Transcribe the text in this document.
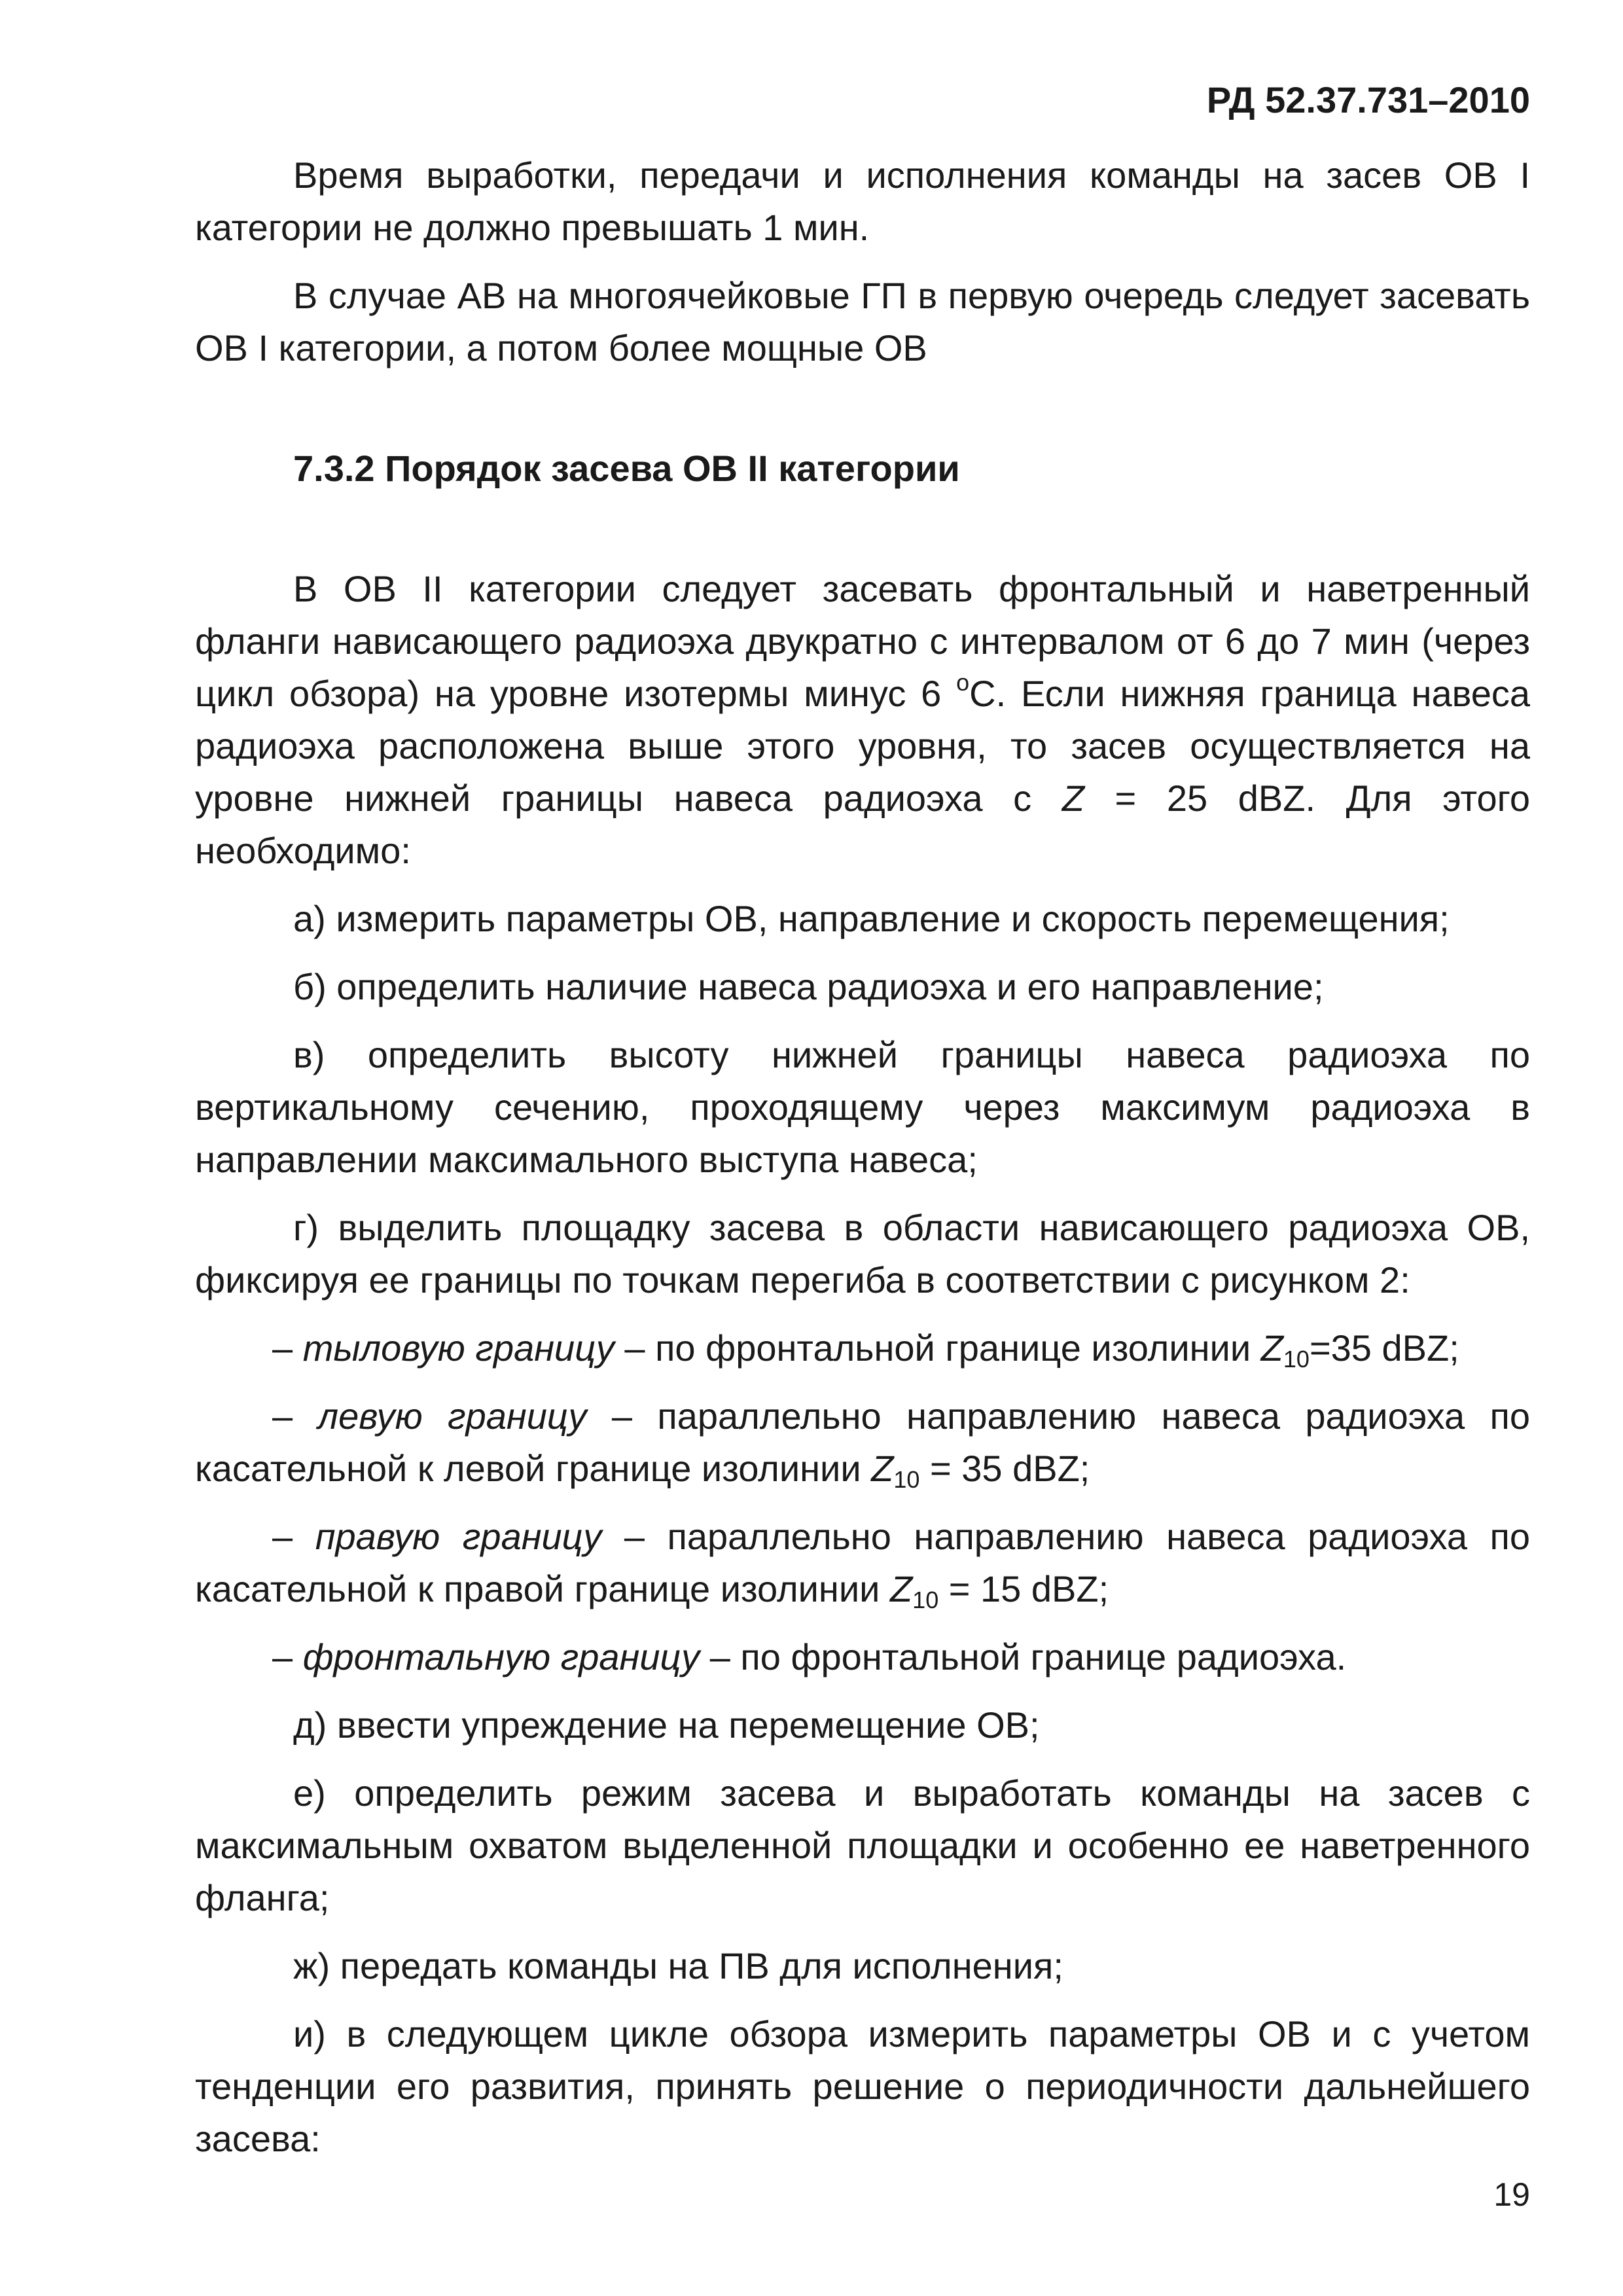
РД 52.37.731–2010

Время выработки, передачи и исполнения команды на засев ОВ I категории не должно превышать 1 мин.

В случае АВ на многоячейковые ГП в первую очередь следует засевать ОВ I категории, а потом более мощные ОВ

7.3.2 Порядок засева ОВ II категории

В ОВ II категории следует засевать фронтальный и наветренный фланги нависающего радиоэха двукратно с интервалом от 6 до 7 мин (через цикл обзора) на уровне изотермы минус 6 $^о$С. Если нижняя граница навеса радиоэха расположена выше этого уровня, то засев осуществляется на уровне нижней границы навеса радиоэха с Z = 25 dBZ. Для этого необходимо:

а) измерить параметры ОВ, направление и скорость перемещения;

б) определить наличие навеса радиоэха и его направление;

в) определить высоту нижней границы навеса радиоэха по вертикальному сечению, проходящему через максимум радиоэха в направлении максимального выступа навеса;

г) выделить площадку засева в области нависающего радиоэха ОВ, фиксируя ее границы по точкам перегиба в соответствии с рисунком 2:

– тыловую границу – по фронтальной границе изолинии $Z_{10}=35$ dBZ;

– левую границу – параллельно направлению навеса радиоэха по касательной к левой границе изолинии $Z_{10} = 35$ dBZ;

– правую границу – параллельно направлению навеса радиоэха по касательной к правой границе изолинии $Z_{10} = 15$ dBZ;

– фронтальную границу – по фронтальной границе радиоэха.

д) ввести упреждение на перемещение ОВ;

е) определить режим засева и выработать команды на засев с максимальным охватом выделенной площадки и особенно ее наветренного фланга;

ж) передать команды на ПВ для исполнения;

и) в следующем цикле обзора измерить параметры ОВ и с учетом тенденции его развития, принять решение о периодичности дальнейшего засева:

19
